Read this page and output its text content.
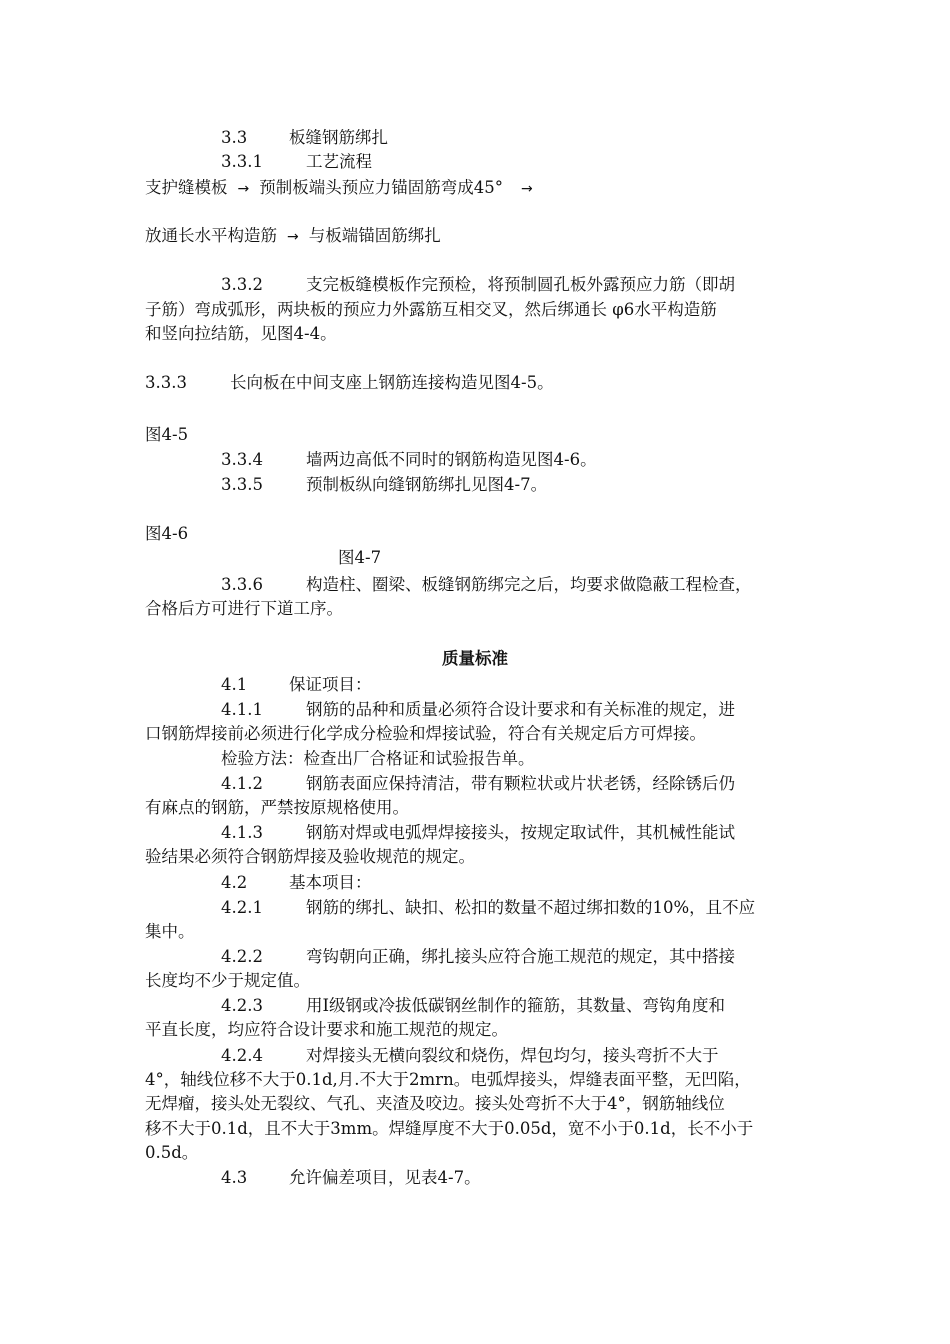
3.3	板缝钢筋绑扎
3.3.1	工艺流程
支护缝模板 → 预制板端头预应力锚固筋弯成45° →
放通长水平构造筋 → 与板端锚固筋绑扎
3.3.2	支完板缝模板作完预检，将预制圆孔板外露预应力筋（即胡
子筋）弯成弧形，两块板的预应力外露筋互相交叉，然后绑通长 φ6水平构造筋
和竖向拉结筋，见图4-4。
3.3.3	长向板在中间支座上钢筋连接构造见图4-5。
图4-5
3.3.4	墙两边高低不同时的钢筋构造见图4-6。
3.3.5	预制板纵向缝钢筋绑扎见图4-7。
图4-6
图4-7
3.3.6	构造柱、圈梁、板缝钢筋绑完之后，均要求做隐蔽工程检查，
合格后方可进行下道工序。
质量标准
4.1	保证项目：
4.1.1	钢筋的品种和质量必须符合设计要求和有关标准的规定，进
口钢筋焊接前必须进行化学成分检验和焊接试验，符合有关规定后方可焊接。
检验方法：检查出厂合格证和试验报告单。
4.1.2	钢筋表面应保持清洁，带有颗粒状或片状老锈，经除锈后仍
有麻点的钢筋，严禁按原规格使用。
4.1.3	钢筋对焊或电弧焊焊接接头，按规定取试件，其机械性能试
验结果必须符合钢筋焊接及验收规范的规定。
4.2	基本项目：
4.2.1	钢筋的绑扎、缺扣、松扣的数量不超过绑扣数的10%，且不应
集中。
4.2.2	弯钩朝向正确，绑扎接头应符合施工规范的规定，其中搭接
长度均不少于规定值。
4.2.3	用Ⅰ级钢或冷拔低碳钢丝制作的箍筋，其数量、弯钩角度和
平直长度，均应符合设计要求和施工规范的规定。
4.2.4	对焊接头无横向裂纹和烧伤，焊包均匀，接头弯折不大于
4°，轴线位移不大于0.1d,月.不大于2mrn。电弧焊接头，焊缝表面平整，无凹陷，
无焊瘤，接头处无裂纹、气孔、夹渣及咬边。接头处弯折不大于4°，钢筋轴线位
移不大于0.1d，且不大于3mm。焊缝厚度不大于0.05d，宽不小于0.1d，长不小于
0.5d。
4.3	允许偏差项目，见表4-7。
